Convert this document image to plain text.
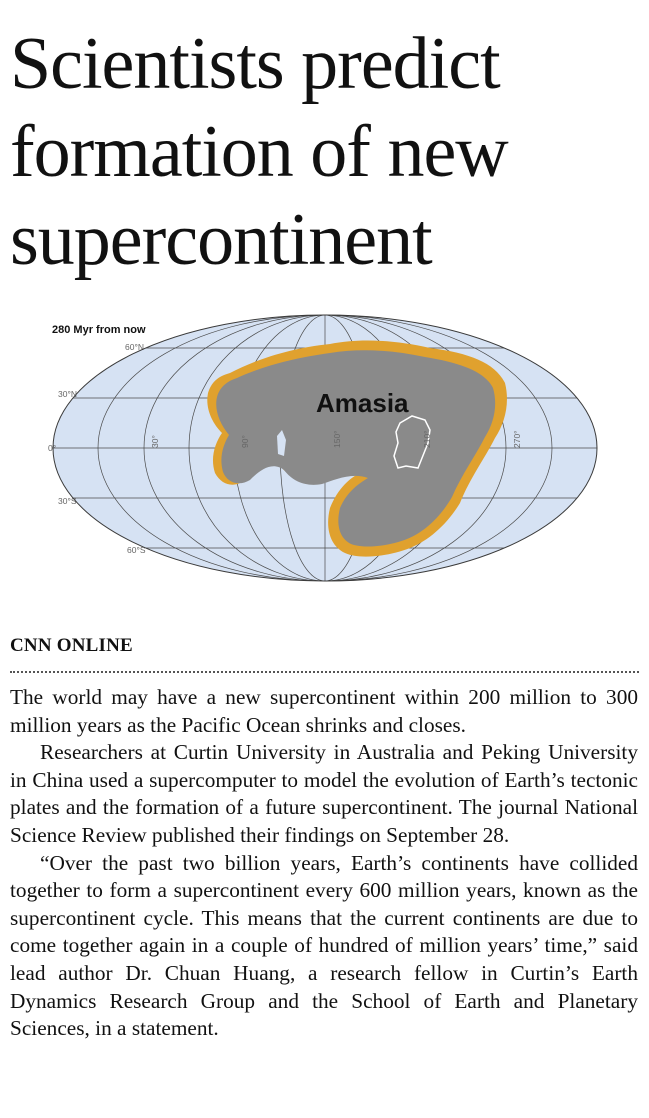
Scientists predict formation of new supercontinent
280 Myr from now
Amasia
60°N
30°N
0°
30°S
60°S
30°	90°	150°	210°	270°
CNN ONLINE

The world may have a new supercontinent within 200 million to 300 million years as the Pacific Ocean shrinks and closes.

Researchers at Curtin University in Australia and Peking University in China used a supercomputer to model the evolution of Earth’s tectonic plates and the formation of a future supercontinent. The journal National Science Review published their findings on September 28.

“Over the past two billion years, Earth’s continents have collided together to form a supercontinent every 600 million years, known as the supercontinent cycle. This means that the current continents are due to come together again in a couple of hundred of million years’ time,” said lead author Dr. Chuan Huang, a research fellow in Curtin’s Earth Dynamics Research Group and the School of Earth and Planetary Sciences, in a statement.
